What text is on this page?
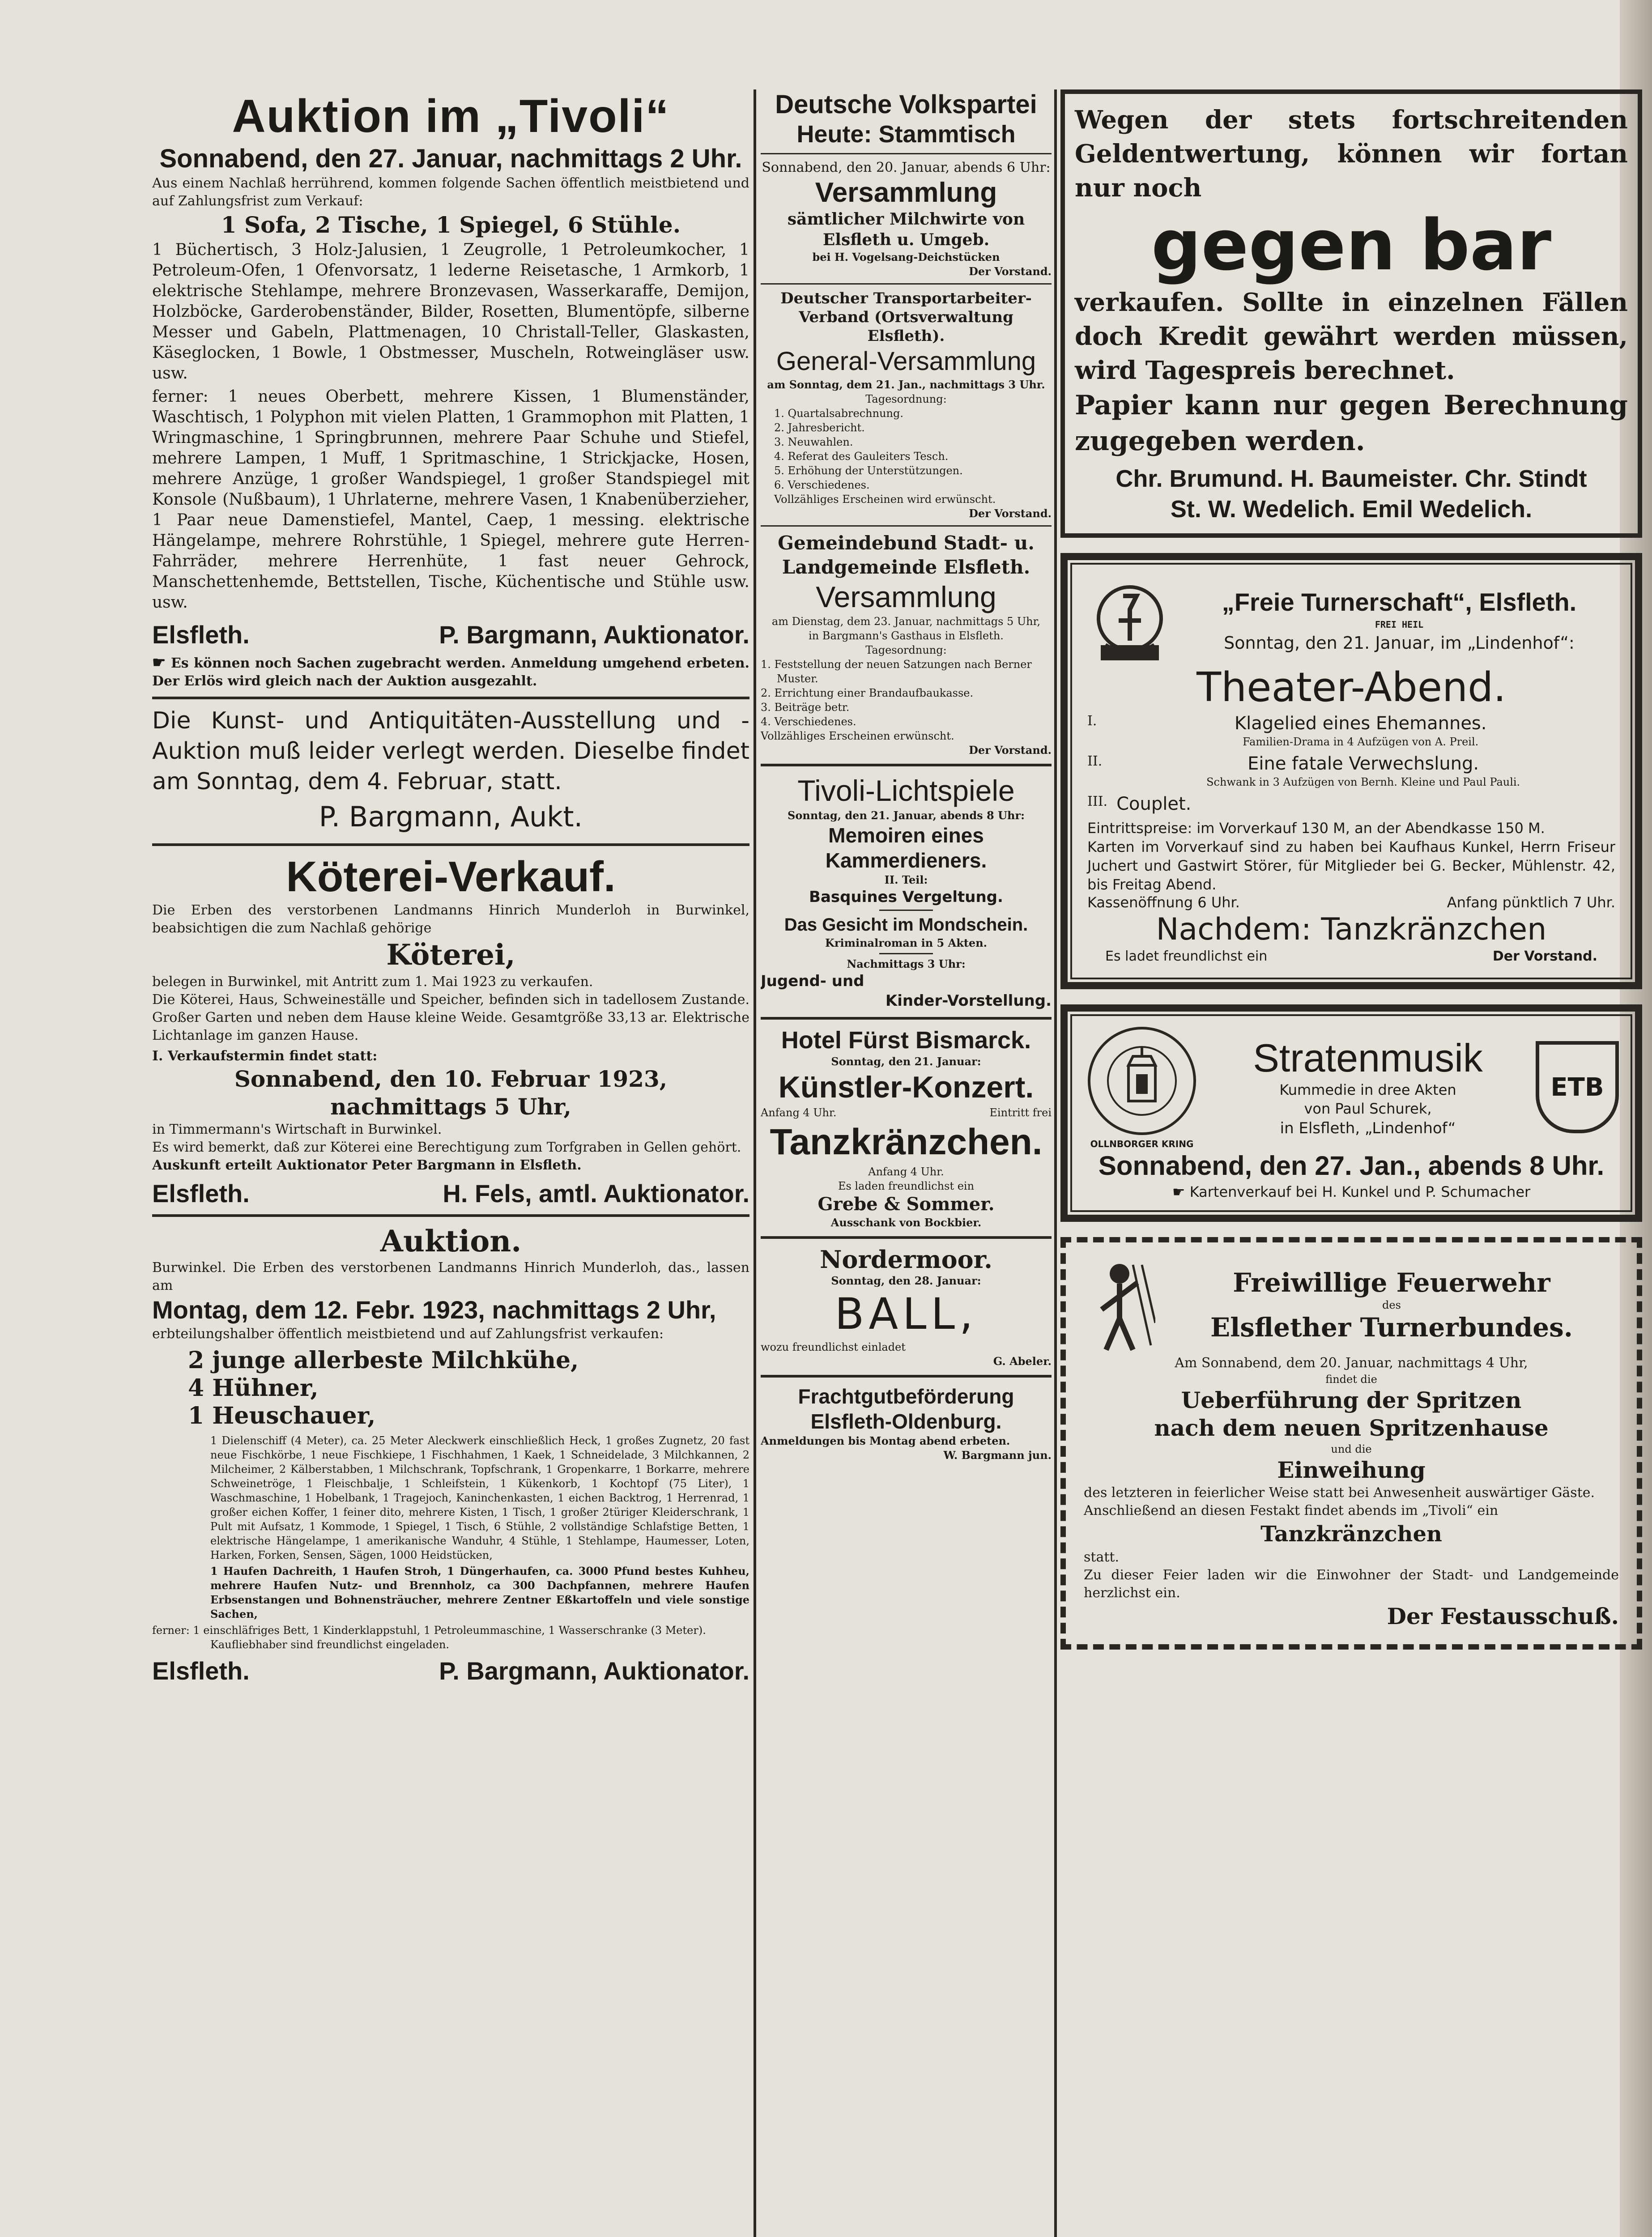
Auktion im „Tivoli“

Sonnabend, den 27. Januar, nachmittags 2 Uhr.

Aus einem Nachlaß herrührend, kommen folgende Sachen öffentlich meistbietend und auf Zahlungsfrist zum Verkauf:

1 Sofa, 2 Tische, 1 Spiegel, 6 Stühle.

1 Büchertisch, 3 Holz-Jalusien, 1 Zeugrolle, 1 Petroleumkocher, 1 Petroleum-Ofen, 1 Ofenvorsatz, 1 lederne Reisetasche, 1 Armkorb, 1 elektrische Stehlampe, mehrere Bronzevasen, Wasserkaraffe, Demijon, Holzböcke, Garderobenständer, Bilder, Rosetten, Blumentöpfe, silberne Messer und Gabeln, Plattmenagen, 10 Christall-Teller, Glaskasten, Käseglocken, 1 Bowle, 1 Obstmesser, Muscheln, Rotweingläser usw. usw.

ferner: 1 neues Oberbett, mehrere Kissen, 1 Blumenständer, Waschtisch, 1 Polyphon mit vielen Platten, 1 Grammophon mit Platten, 1 Wringmaschine, 1 Springbrunnen, mehrere Paar Schuhe und Stiefel, mehrere Lampen, 1 Muff, 1 Spritmaschine, 1 Strickjacke, Hosen, mehrere Anzüge, 1 großer Wandspiegel, 1 großer Standspiegel mit Konsole (Nußbaum), 1 Uhrlaterne, mehrere Vasen, 1 Knabenüberzieher, 1 Paar neue Damenstiefel, Mantel, Caep, 1 messing. elektrische Hängelampe, mehrere Rohrstühle, 1 Spiegel, mehrere gute Herren-Fahrräder, mehrere Herrenhüte, 1 fast neuer Gehrock, Manschettenhemde, Bettstellen, Tische, Küchentische und Stühle usw. usw.

Elsfleth.	P. Bargmann, Auktionator.

☛ Es können noch Sachen zugebracht werden. Anmeldung umgehend erbeten. Der Erlös wird gleich nach der Auktion ausgezahlt.

Die Kunst- und Antiquitäten-Ausstellung und -Auktion muß leider verlegt werden. Dieselbe findet am Sonntag, dem 4. Februar, statt.

P. Bargmann, Aukt.

Köterei-Verkauf.

Die Erben des verstorbenen Landmanns Hinrich Munderloh in Burwinkel, beabsichtigen die zum Nachlaß gehörige

Köterei,

belegen in Burwinkel, mit Antritt zum 1. Mai 1923 zu verkaufen.

Die Köterei, Haus, Schweineställe und Speicher, befinden sich in tadellosem Zustande. Großer Garten und neben dem Hause kleine Weide. Gesamtgröße 33,13 ar. Elektrische Lichtanlage im ganzen Hause.

I. Verkaufstermin findet statt:

Sonnabend, den 10. Februar 1923,

nachmittags 5 Uhr,

in Timmermann's Wirtschaft in Burwinkel.

Es wird bemerkt, daß zur Köterei eine Berechtigung zum Torfgraben in Gellen gehört.

Auskunft erteilt Auktionator Peter Bargmann in Elsfleth.

Elsfleth.	H. Fels, amtl. Auktionator.

Auktion.

Burwinkel. Die Erben des verstorbenen Landmanns Hinrich Munderloh, das., lassen am

Montag, dem 12. Febr. 1923, nachmittags 2 Uhr,

erbteilungshalber öffentlich meistbietend und auf Zahlungsfrist verkaufen:

2 junge allerbeste Milchkühe,

4 Hühner,

1 Heuschauer,

1 Dielenschiff (4 Meter), ca. 25 Meter Aleckwerk einschließlich Heck, 1 großes Zugnetz, 20 fast neue Fischkörbe, 1 neue Fischkiepe, 1 Fischhahmen, 1 Kaek, 1 Schneidelade, 3 Milchkannen, 2 Milcheimer, 2 Kälberstabben, 1 Milchschrank, Topfschrank, 1 Gropenkarre, 1 Borkarre, mehrere Schweinetröge, 1 Fleischbalje, 1 Schleifstein, 1 Kükenkorb, 1 Kochtopf (75 Liter), 1 Waschmaschine, 1 Hobelbank, 1 Tragejoch, Kaninchenkasten, 1 eichen Backtrog, 1 Herrenrad, 1 großer eichen Koffer, 1 feiner dito, mehrere Kisten, 1 Tisch, 1 großer 2türiger Kleiderschrank, 1 Pult mit Aufsatz, 1 Kommode, 1 Spiegel, 1 Tisch, 6 Stühle, 2 vollständige Schlafstige Betten, 1 elektrische Hängelampe, 1 amerikanische Wanduhr, 4 Stühle, 1 Stehlampe, Haumesser, Loten, Harken, Forken, Sensen, Sägen, 1000 Heidstücken,

1 Haufen Dachreith, 1 Haufen Stroh, 1 Düngerhaufen, ca. 3000 Pfund bestes Kuhheu, mehrere Haufen Nutz- und Brennholz, ca 300 Dachpfannen, mehrere Haufen Erbsenstangen und Bohnensträucher, mehrere Zentner Eßkartoffeln und viele sonstige Sachen,

ferner: 1 einschläfriges Bett, 1 Kinderklappstuhl, 1 Petroleummaschine, 1 Wasserschranke (3 Meter).

Kaufliebhaber sind freundlichst eingeladen.

Elsfleth.	P. Bargmann, Auktionator.

Deutsche Volkspartei

Heute: Stammtisch

Sonnabend, den 20. Januar, abends 6 Uhr:

Versammlung

sämtlicher Milchwirte von Elsfleth u. Umgeb.

bei H. Vogelsang-Deichstücken

Der Vorstand.

Deutscher Transportarbeiter-Verband (Ortsverwaltung Elsfleth).

General-Versammlung

am Sonntag, dem 21. Jan., nachmittags 3 Uhr.

Tagesordnung:

1. Quartalsabrechnung.
2. Jahresbericht.
3. Neuwahlen.
4. Referat des Gauleiters Tesch.
5. Erhöhung der Unterstützungen.
6. Verschiedenes.

Vollzähliges Erscheinen wird erwünscht.

Der Vorstand.

Gemeindebund Stadt- u. Landgemeinde Elsfleth.

Versammlung

am Dienstag, dem 23. Januar, nachmittags 5 Uhr,

in Bargmann's Gasthaus in Elsfleth.

Tagesordnung:

1. Feststellung der neuen Satzungen nach Berner Muster.
2. Errichtung einer Brandaufbaukasse.
3. Beiträge betr.
4. Verschiedenes.

Vollzähliges Erscheinen erwünscht.

Der Vorstand.

Tivoli-Lichtspiele

Sonntag, den 21. Januar, abends 8 Uhr:

Memoiren eines Kammerdieners.

II. Teil:

Basquines Vergeltung.

Das Gesicht im Mondschein.

Kriminalroman in 5 Akten.

Nachmittags 3 Uhr:

Jugend- und

Kinder-Vorstellung.

Hotel Fürst Bismarck.

Sonntag, den 21. Januar:

Künstler-Konzert.

Anfang 4 Uhr.	Eintritt frei

Tanzkränzchen.

Anfang 4 Uhr.

Es laden freundlichst ein

Grebe & Sommer.

Ausschank von Bockbier.

Nordermoor.

Sonntag, den 28. Januar:

BALL,

wozu freundlichst einladet

G. Abeler.

Frachtgutbeförderung Elsfleth-Oldenburg.

Anmeldungen bis Montag abend erbeten.

W. Bargmann jun.

Wegen der stets fortschreitenden Geldentwertung, können wir fortan nur noch

gegen bar

verkaufen. Sollte in einzelnen Fällen doch Kredit gewährt werden müssen, wird Tagespreis berechnet.

Papier kann nur gegen Berechnung zugegeben werden.

Chr. Brumund. H. Baumeister. Chr. Stindt

St. W. Wedelich. Emil Wedelich.

„Freie Turnerschaft“, Elsfleth.

FREI HEIL

Sonntag, den 21. Januar, im „Lindenhof“:

Theater-Abend.

I.	Klagelied eines Ehemannes.

Familien-Drama in 4 Aufzügen von A. Preil.

II.	Eine fatale Verwechslung.

Schwank in 3 Aufzügen von Bernh. Kleine und Paul Pauli.

III. Couplet.

Eintrittspreise: im Vorverkauf 130 M, an der Abendkasse 150 M.

Karten im Vorverkauf sind zu haben bei Kaufhaus Kunkel, Herrn Friseur Juchert und Gastwirt Störer, für Mitglieder bei G. Becker, Mühlenstr. 42, bis Freitag Abend.

Kassenöffnung 6 Uhr.	Anfang pünktlich 7 Uhr.

Nachdem: Tanzkränzchen

Es ladet freundlichst ein	Der Vorstand.

OLLNBORGER KRING

Stratenmusik

Kummedie in dree Akten

von Paul Schurek,

in Elsfleth, „Lindenhof“

ETB

Sonnabend, den 27. Jan., abends 8 Uhr.

☛ Kartenverkauf bei H. Kunkel und P. Schumacher

Freiwillige Feuerwehr

des

Elsflether Turnerbundes.

Am Sonnabend, dem 20. Januar, nachmittags 4 Uhr,

findet die

Ueberführung der Spritzen

nach dem neuen Spritzenhause

und die

Einweihung

des letzteren in feierlicher Weise statt bei Anwesenheit auswärtiger Gäste.

Anschließend an diesen Festakt findet abends im „Tivoli“ ein

Tanzkränzchen

statt.

Zu dieser Feier laden wir die Einwohner der Stadt- und Landgemeinde herzlichst ein.

Der Festausschuß.
